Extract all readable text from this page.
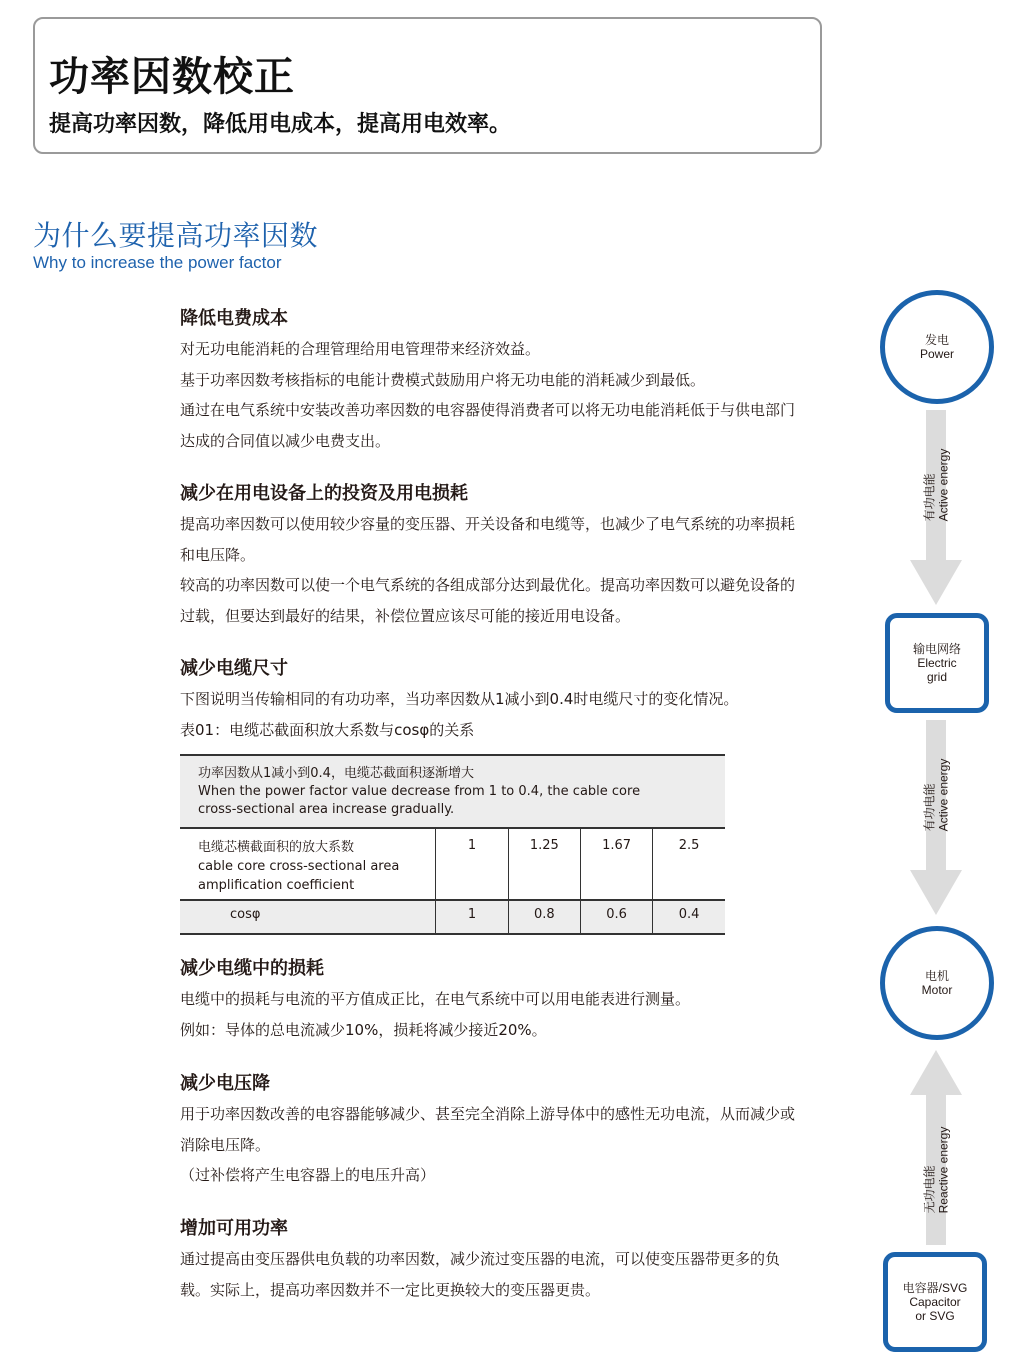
功率因数校正
提高功率因数，降低用电成本，提高用电效率。
为什么要提高功率因数
Why to increase the power factor
降低电费成本
对无功电能消耗的合理管理给用电管理带来经济效益。
基于功率因数考核指标的电能计费模式鼓励用户将无功电能的消耗减少到最低。
通过在电气系统中安装改善功率因数的电容器使得消费者可以将无功电能消耗低于与供电部门达成的合同值以减少电费支出。
减少在用电设备上的投资及用电损耗
提高功率因数可以使用较少容量的变压器、开关设备和电缆等，也减少了电气系统的功率损耗和电压降。
较高的功率因数可以使一个电气系统的各组成部分达到最优化。提高功率因数可以避免设备的过载，但要达到最好的结果，补偿位置应该尽可能的接近用电设备。
减少电缆尺寸
下图说明当传输相同的有功功率，当功率因数从1减小到0.4时电缆尺寸的变化情况。
表01：电缆芯截面积放大系数与cosφ的关系
功率因数从1减小到0.4，电缆芯截面积逐渐增大
When the power factor value decrease from 1 to 0.4, the cable core
cross-sectional area increase gradually.				

电缆芯横截面积的放大系数
cable core cross-sectional area
amplification coefficient	1	1.25	1.67	2.5
cosφ	1	0.8	0.6	0.4
减少电缆中的损耗
电缆中的损耗与电流的平方值成正比，在电气系统中可以用电能表进行测量。
例如：导体的总电流减少10%，损耗将减少接近20%。
减少电压降
用于功率因数改善的电容器能够减少、甚至完全消除上游导体中的感性无功电流，从而减少或消除电压降。
（过补偿将产生电容器上的电压升高）
增加可用功率
通过提高由变压器供电负载的功率因数，减少流过变压器的电流，可以使变压器带更多的负载。实际上，提高功率因数并不一定比更换较大的变压器更贵。
发电
Power
有功电能 Active energy
输电网络
Electric
grid
有功电能 Active energy
电机
Motor
无功电能 Reactive energy
电容器/SVG
Capacitor
or SVG
